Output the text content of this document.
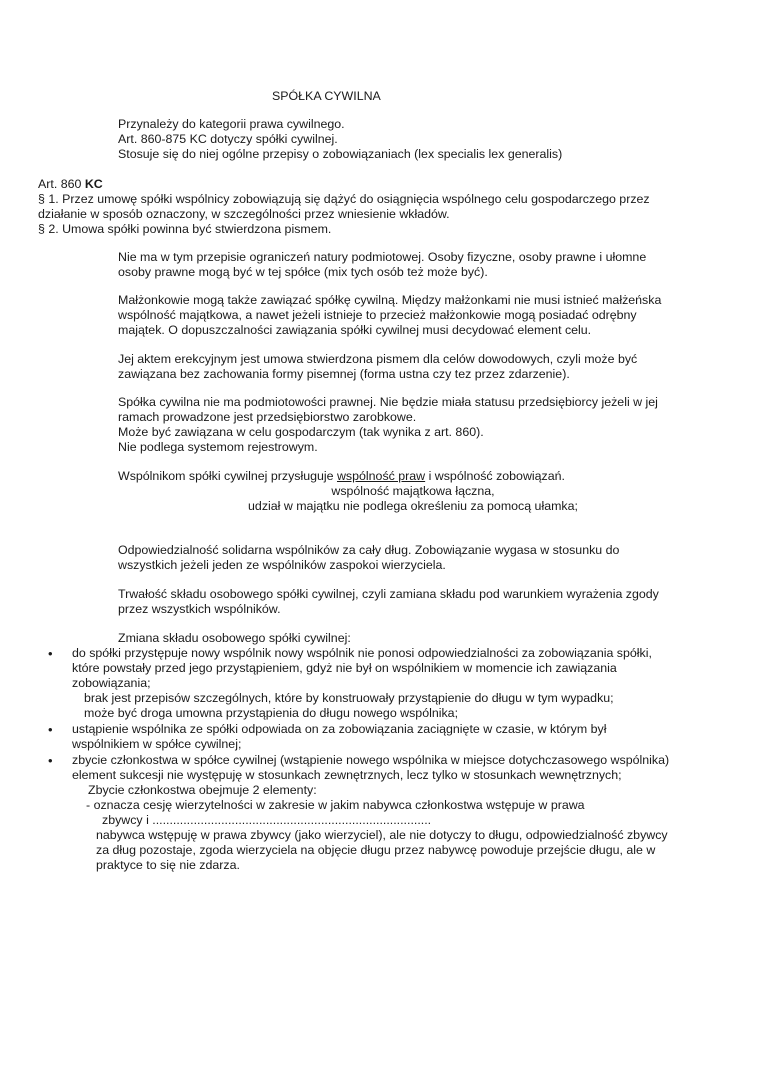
SPÓŁKA CYWILNA
Przynależy do kategorii prawa cywilnego.
Art. 860-875 KC dotyczy spółki cywilnej.
Stosuje się do niej ogólne przepisy o zobowiązaniach (lex specialis lex generalis)
Art. 860 KC
§ 1. Przez umowę spółki wspólnicy zobowiązują się dążyć do osiągnięcia wspólnego celu gospodarczego przez
działanie w sposób oznaczony, w szczególności przez wniesienie wkładów.
§ 2. Umowa spółki powinna być stwierdzona pismem.
Nie ma w tym przepisie ograniczeń natury podmiotowej. Osoby fizyczne, osoby prawne i ułomne
osoby prawne mogą być w tej spółce (mix tych osób też może być).
Małżonkowie mogą także zawiązać spółkę cywilną. Między małżonkami nie musi istnieć małżeńska
wspólność majątkowa, a nawet jeżeli istnieje to przecież małżonkowie mogą posiadać odrębny
majątek. O dopuszczalności zawiązania spółki cywilnej musi decydować element celu.
Jej aktem erekcyjnym jest umowa stwierdzona pismem dla celów dowodowych, czyli może być
zawiązana bez zachowania formy pisemnej (forma ustna czy tez przez zdarzenie).
Spółka cywilna nie ma podmiotowości prawnej. Nie będzie miała statusu przedsiębiorcy jeżeli w jej
ramach prowadzone jest przedsiębiorstwo zarobkowe.
Może być zawiązana w celu gospodarczym (tak wynika z art. 860).
Nie podlega systemom rejestrowym.
Wspólnikom spółki cywilnej przysługuje wspólność praw i wspólność zobowiązań.
wspólność majątkowa łączna,
udział w majątku nie podlega określeniu za pomocą ułamka;
Odpowiedzialność solidarna wspólników za cały dług. Zobowiązanie wygasa w stosunku do
wszystkich jeżeli jeden ze wspólników zaspokoi wierzyciela.
Trwałość składu osobowego spółki cywilnej, czyli zamiana składu pod warunkiem wyrażenia zgody
przez wszystkich wspólników.
Zmiana składu osobowego spółki cywilnej:
• do spółki przystępuje nowy wspólnik nowy wspólnik nie ponosi odpowiedzialności za zobowiązania spółki,
które powstały przed jego przystąpieniem, gdyż nie był on wspólnikiem w momencie ich zawiązania
zobowiązania;
brak jest przepisów szczególnych, które by konstruowały przystąpienie do długu w tym wypadku;
może być droga umowna przystąpienia do długu nowego wspólnika;
• ustąpienie wspólnika ze spółki odpowiada on za zobowiązania zaciągnięte w czasie, w którym był
wspólnikiem w spółce cywilnej;
• zbycie członkostwa w spółce cywilnej (wstąpienie nowego wspólnika w miejsce dotychczasowego wspólnika)
element sukcesji nie występuję w stosunkach zewnętrznych, lecz tylko w stosunkach wewnętrznych;
Zbycie członkostwa obejmuje 2 elementy:
- oznacza cesję wierzytelności w zakresie w jakim nabywca członkostwa wstępuje w prawa
zbywcy i .................................................................................
nabywca wstępuję w prawa zbywcy (jako wierzyciel), ale nie dotyczy to długu, odpowiedzialność zbywcy
za dług pozostaje, zgoda wierzyciela na objęcie długu przez nabywcę powoduje przejście długu, ale w
praktyce to się nie zdarza.
